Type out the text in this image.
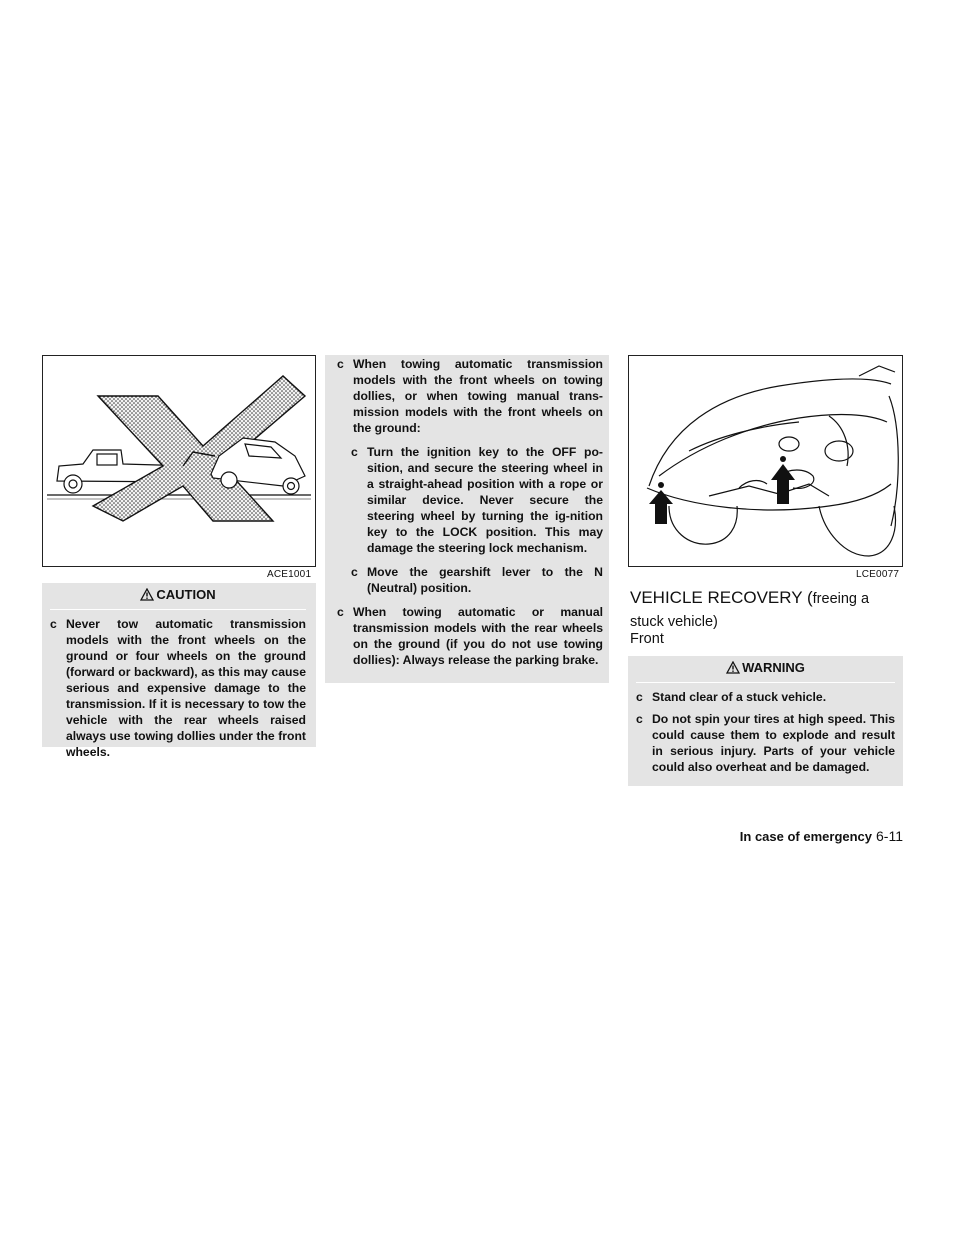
ACE1001
CAUTION
c Never tow automatic transmission models with the front wheels on the ground or four wheels on the ground (forward or backward), as this may cause serious and expensive damage to the transmission. If it is necessary to tow the vehicle with the rear wheels raised always use towing dollies under the front wheels.
c When towing automatic transmission models with the front wheels on towing dollies, or when towing manual trans-mission models with the front wheels on the ground:
c Turn the ignition key to the OFF po-sition, and secure the steering wheel in a straight-ahead position with a rope or similar device. Never secure the steering wheel by turning the ig-nition key to the LOCK position. This may damage the steering lock mechanism.
c Move the gearshift lever to the N (Neutral) position.
c When towing automatic or manual transmission models with the rear wheels on the ground (if you do not use towing dollies): Always release the parking brake.
LCE0077
VEHICLE RECOVERY (freeing a stuck vehicle)
Front
WARNING
c Stand clear of a stuck vehicle.
c Do not spin your tires at high speed. This could cause them to explode and result in serious injury. Parts of your vehicle could also overheat and be damaged.
In case of emergency 6-11
